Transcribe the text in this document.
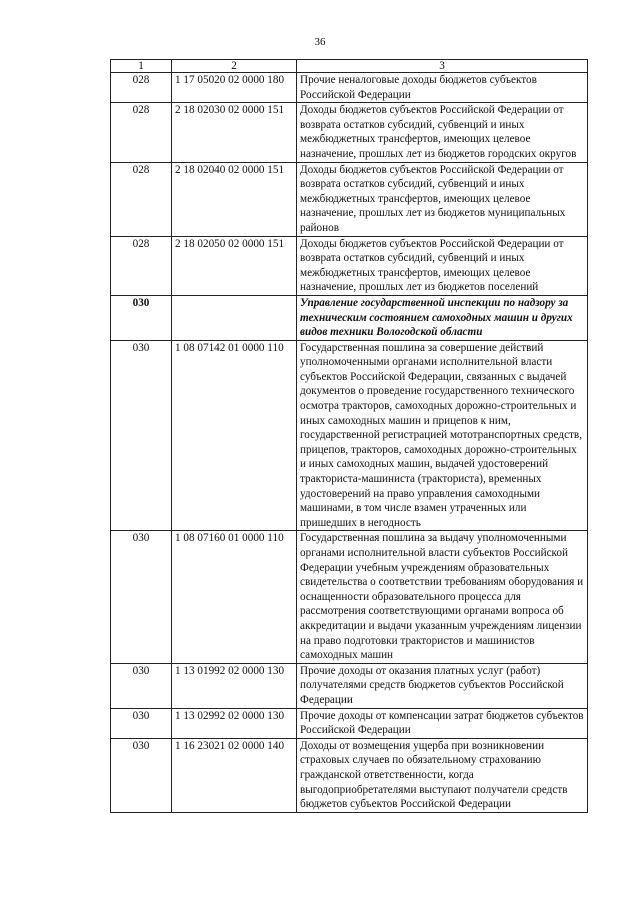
36
1	2	3
028	1 17 05020 02 0000 180	Прочие неналоговые доходы бюджетов субъектов Российской Федерации
028	2 18 02030 02 0000 151	Доходы бюджетов субъектов Российской Федерации от возврата остатков субсидий, субвенций и иных межбюджетных трансфертов, имеющих целевое назначение, прошлых лет из бюджетов городских округов
028	2 18 02040 02 0000 151	Доходы бюджетов субъектов Российской Федерации от возврата остатков субсидий, субвенций и иных межбюджетных трансфертов, имеющих целевое назначение, прошлых лет из бюджетов муниципальных районов
028	2 18 02050 02 0000 151	Доходы бюджетов субъектов Российской Федерации от возврата остатков субсидий, субвенций и иных межбюджетных трансфертов, имеющих целевое назначение, прошлых лет из бюджетов поселений
030		Управление государственной инспекции по надзору за техническим состоянием самоходных машин и других видов техники Вологодской области
030	1 08 07142 01 0000 110	Государственная пошлина за совершение действий уполномоченными органами исполнительной власти субъектов Российской Федерации, связанных с выдачей документов о проведение государственного технического осмотра тракторов, самоходных дорожно-строительных и иных самоходных машин и прицепов к ним, государственной регистрацией мототранспортных средств, прицепов, тракторов, самоходных дорожно-строительных и иных самоходных машин, выдачей удостоверений тракториста-машиниста (тракториста), временных удостоверений на право управления самоходными машинами, в том числе взамен утраченных или пришедших в негодность
030	1 08 07160 01 0000 110	Государственная пошлина за выдачу уполномоченными органами исполнительной власти субъектов Российской Федерации учебным учреждениям образовательных свидетельства о соответствии требованиям оборудования и оснащенности образовательного процесса для рассмотрения соответствующими органами вопроса об аккредитации и выдачи указанным учреждениям лицензии на право подготовки трактористов и машинистов самоходных машин
030	1 13 01992 02 0000 130	Прочие доходы от оказания платных услуг (работ) получателями средств бюджетов субъектов Российской Федерации
030	1 13 02992 02 0000 130	Прочие доходы от компенсации затрат бюджетов субъектов Российской Федерации
030	1 16 23021 02 0000 140	Доходы от возмещения ущерба при возникновении страховых случаев по обязательному страхованию гражданской ответственности, когда выгодоприобретателями выступают получатели средств бюджетов субъектов Российской Федерации
